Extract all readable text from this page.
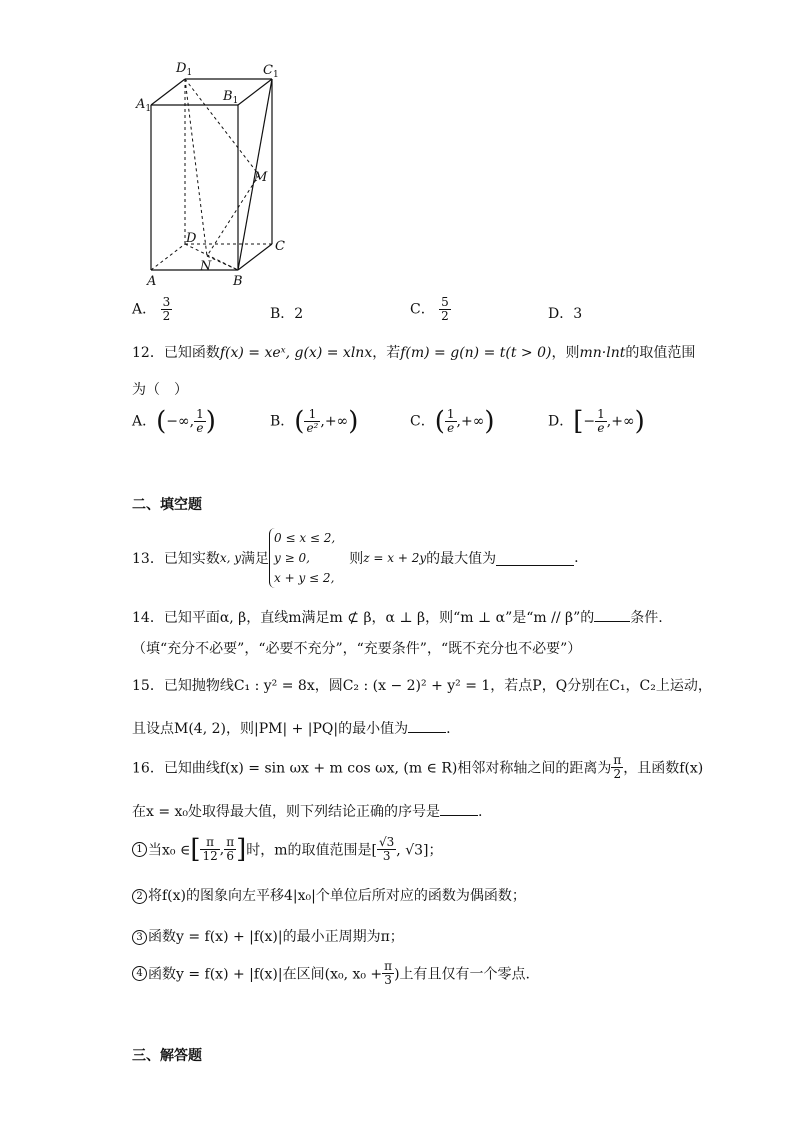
$D_1$	$C_1$
$A_1$
$B_1$
M
D
C
N
A	B
A． $\frac{3}{2}$	B．2	C． $\frac{5}{2}$	D．3
12．已知函数f(x) = xeˣ, g(x) = xlnx，若f(m) = g(n) = t(t > 0)，则mn·lnt的取值范围
为（　）
A．(−∞, $\frac{1}{e}$ )	B．( $\frac{1}{\text{e²}}$ ,+∞)	C．( $\frac{1}{e}$ ,+∞)	D．[− $\frac{1}{e}$ ,+∞)
二、填空题
13．已知实数x, y满足
0 ≤ x ≤ 2,
y ≥ 0,
x + y ≤ 2,
则z = x + 2y的最大值为	.
14．已知平面α, β，直线m满足m ⊄ β，α ⊥ β，则“m ⊥ α”是“m // β”的	条件.
（填“充分不必要”，“必要不充分”，“充要条件”，“既不充分也不必要”）
15．已知抛物线C₁ : y² = 8x，圆C₂ : (x − 2)² + y² = 1，若点P，Q分别在C₁，C₂上运动，
且设点M(4, 2)，则|PM| + |PQ|的最小值为	.
16．已知曲线f(x) = sin ωx + m cos ωx, (m ∈ R)相邻对称轴之间的距离为 $\frac{\pi}{2}$ ，且函数f(x)
在x = x₀处取得最大值，则下列结论正确的序号是	.
1 当x₀ ∈[ $\frac{\pi}{12}$ , $\frac{\pi}{6}$ ]时，m的取值范围是[ $\frac{√3}{3}$ , √3]；
2 将f(x)的图象向左平移4|x₀|个单位后所对应的函数为偶函数；
3 函数y = f(x) + |f(x)|的最小正周期为π；
4 函数y = f(x) + |f(x)|在区间(x₀, $x_0 + \frac{\pi}{3}$ )上有且仅有一个零点.
三、解答题
